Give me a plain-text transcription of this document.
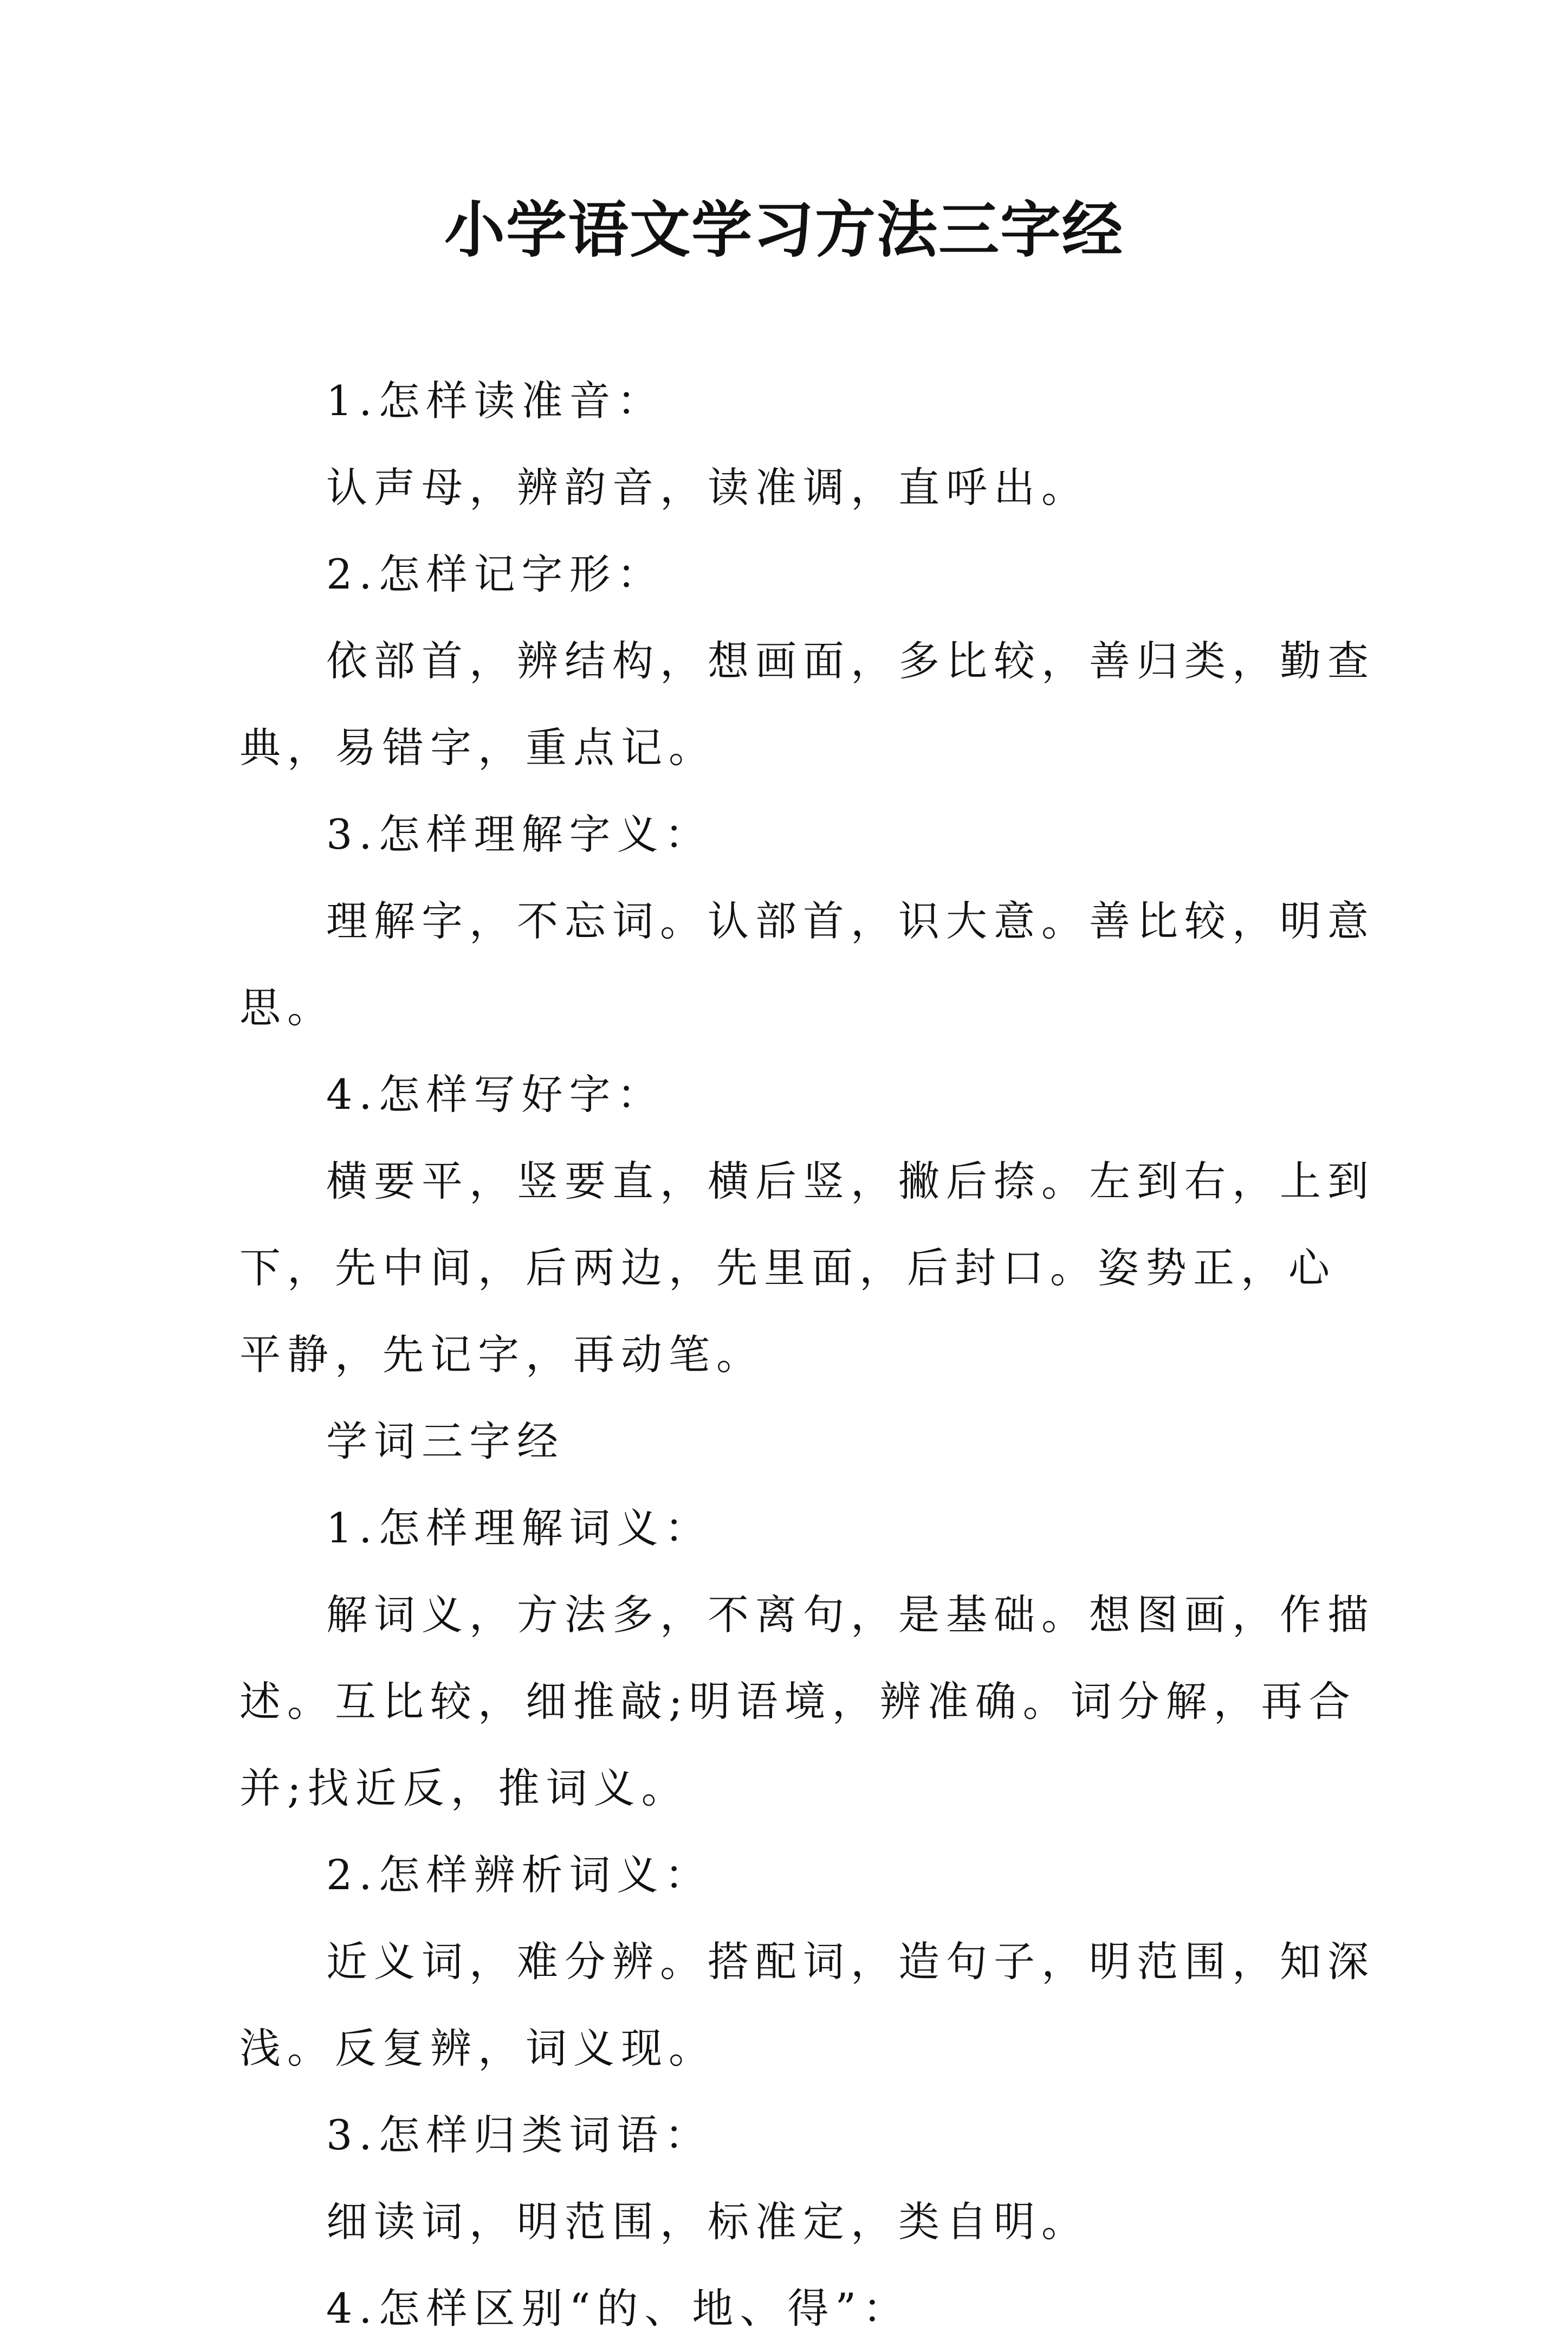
小学语文学习方法三字经

1.怎样读准音：

认声母，辨韵音，读准调，直呼出。

2.怎样记字形：

依部首，辨结构，想画面，多比较，善归类，勤查典，易错字，重点记。

3.怎样理解字义：

理解字，不忘词。认部首，识大意。善比较，明意思。

4.怎样写好字：

横要平，竖要直，横后竖，撇后捺。左到右，上到下，先中间，后两边，先里面，后封口。姿势正，心平静，先记字，再动笔。

学词三字经

1.怎样理解词义：

解词义，方法多，不离句，是基础。想图画，作描述。互比较，细推敲;明语境，辨准确。词分解，再合并;找近反，推词义。

2.怎样辨析词义：

近义词，难分辨。搭配词，造句子，明范围，知深浅。反复辨，词义现。

3.怎样归类词语：

细读词，明范围，标准定，类自明。

4.怎样区别“的、地、得”：
